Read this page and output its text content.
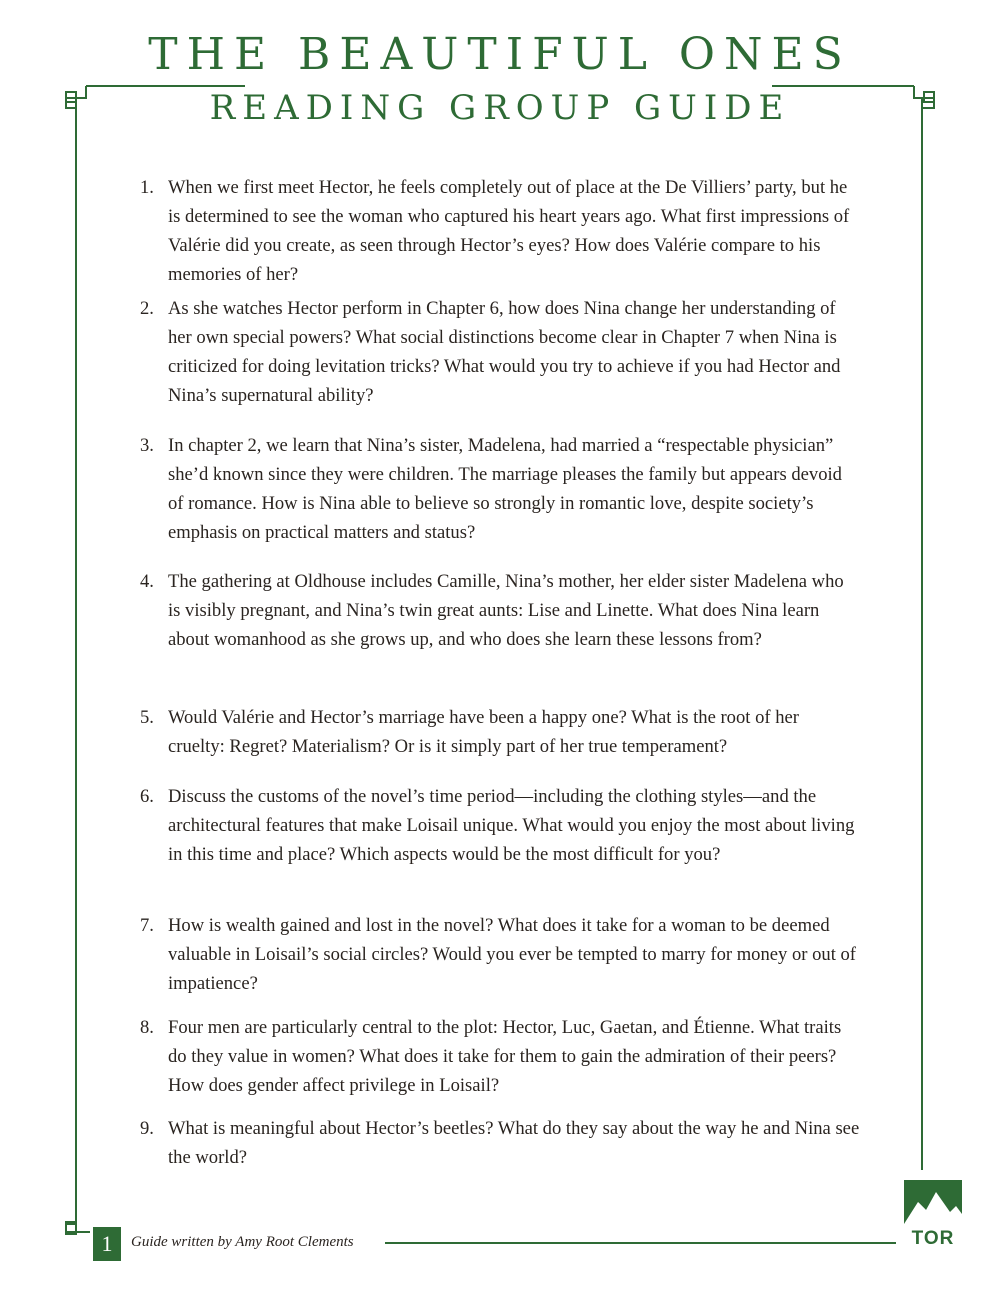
THE BEAUTIFUL ONES
READING GROUP GUIDE
1. When we first meet Hector, he feels completely out of place at the De Villiers’ party, but he is determined to see the woman who captured his heart years ago. What first impressions of Valérie did you create, as seen through Hector’s eyes? How does Valérie compare to his memories of her?
2. As she watches Hector perform in Chapter 6, how does Nina change her understanding of her own special powers? What social distinctions become clear in Chapter 7 when Nina is criticized for doing levitation tricks? What would you try to achieve if you had Hector and Nina’s supernatural ability?
3. In chapter 2, we learn that Nina’s sister, Madelena, had married a “respectable physician” she’d known since they were children. The marriage pleases the family but appears devoid of romance. How is Nina able to believe so strongly in romantic love, despite society’s emphasis on practical matters and status?
4. The gathering at Oldhouse includes Camille, Nina’s mother, her elder sister Madelena who is visibly pregnant, and Nina’s twin great aunts: Lise and Linette. What does Nina learn about womanhood as she grows up, and who does she learn these lessons from?
5. Would Valérie and Hector’s marriage have been a happy one? What is the root of her cruelty: Regret? Materialism? Or is it simply part of her true temperament?
6. Discuss the customs of the novel’s time period—including the clothing styles—and the architectural features that make Loisail unique. What would you enjoy the most about living in this time and place? Which aspects would be the most difficult for you?
7. How is wealth gained and lost in the novel? What does it take for a woman to be deemed valuable in Loisail’s social circles? Would you ever be tempted to marry for money or out of impatience?
8. Four men are particularly central to the plot: Hector, Luc, Gaetan, and Étienne. What traits do they value in women? What does it take for them to gain the admiration of their peers? How does gender affect privilege in Loisail?
9. What is meaningful about Hector’s beetles? What do they say about the way he and Nina see the world?
1	Guide written by Amy Root Clements	TOR
